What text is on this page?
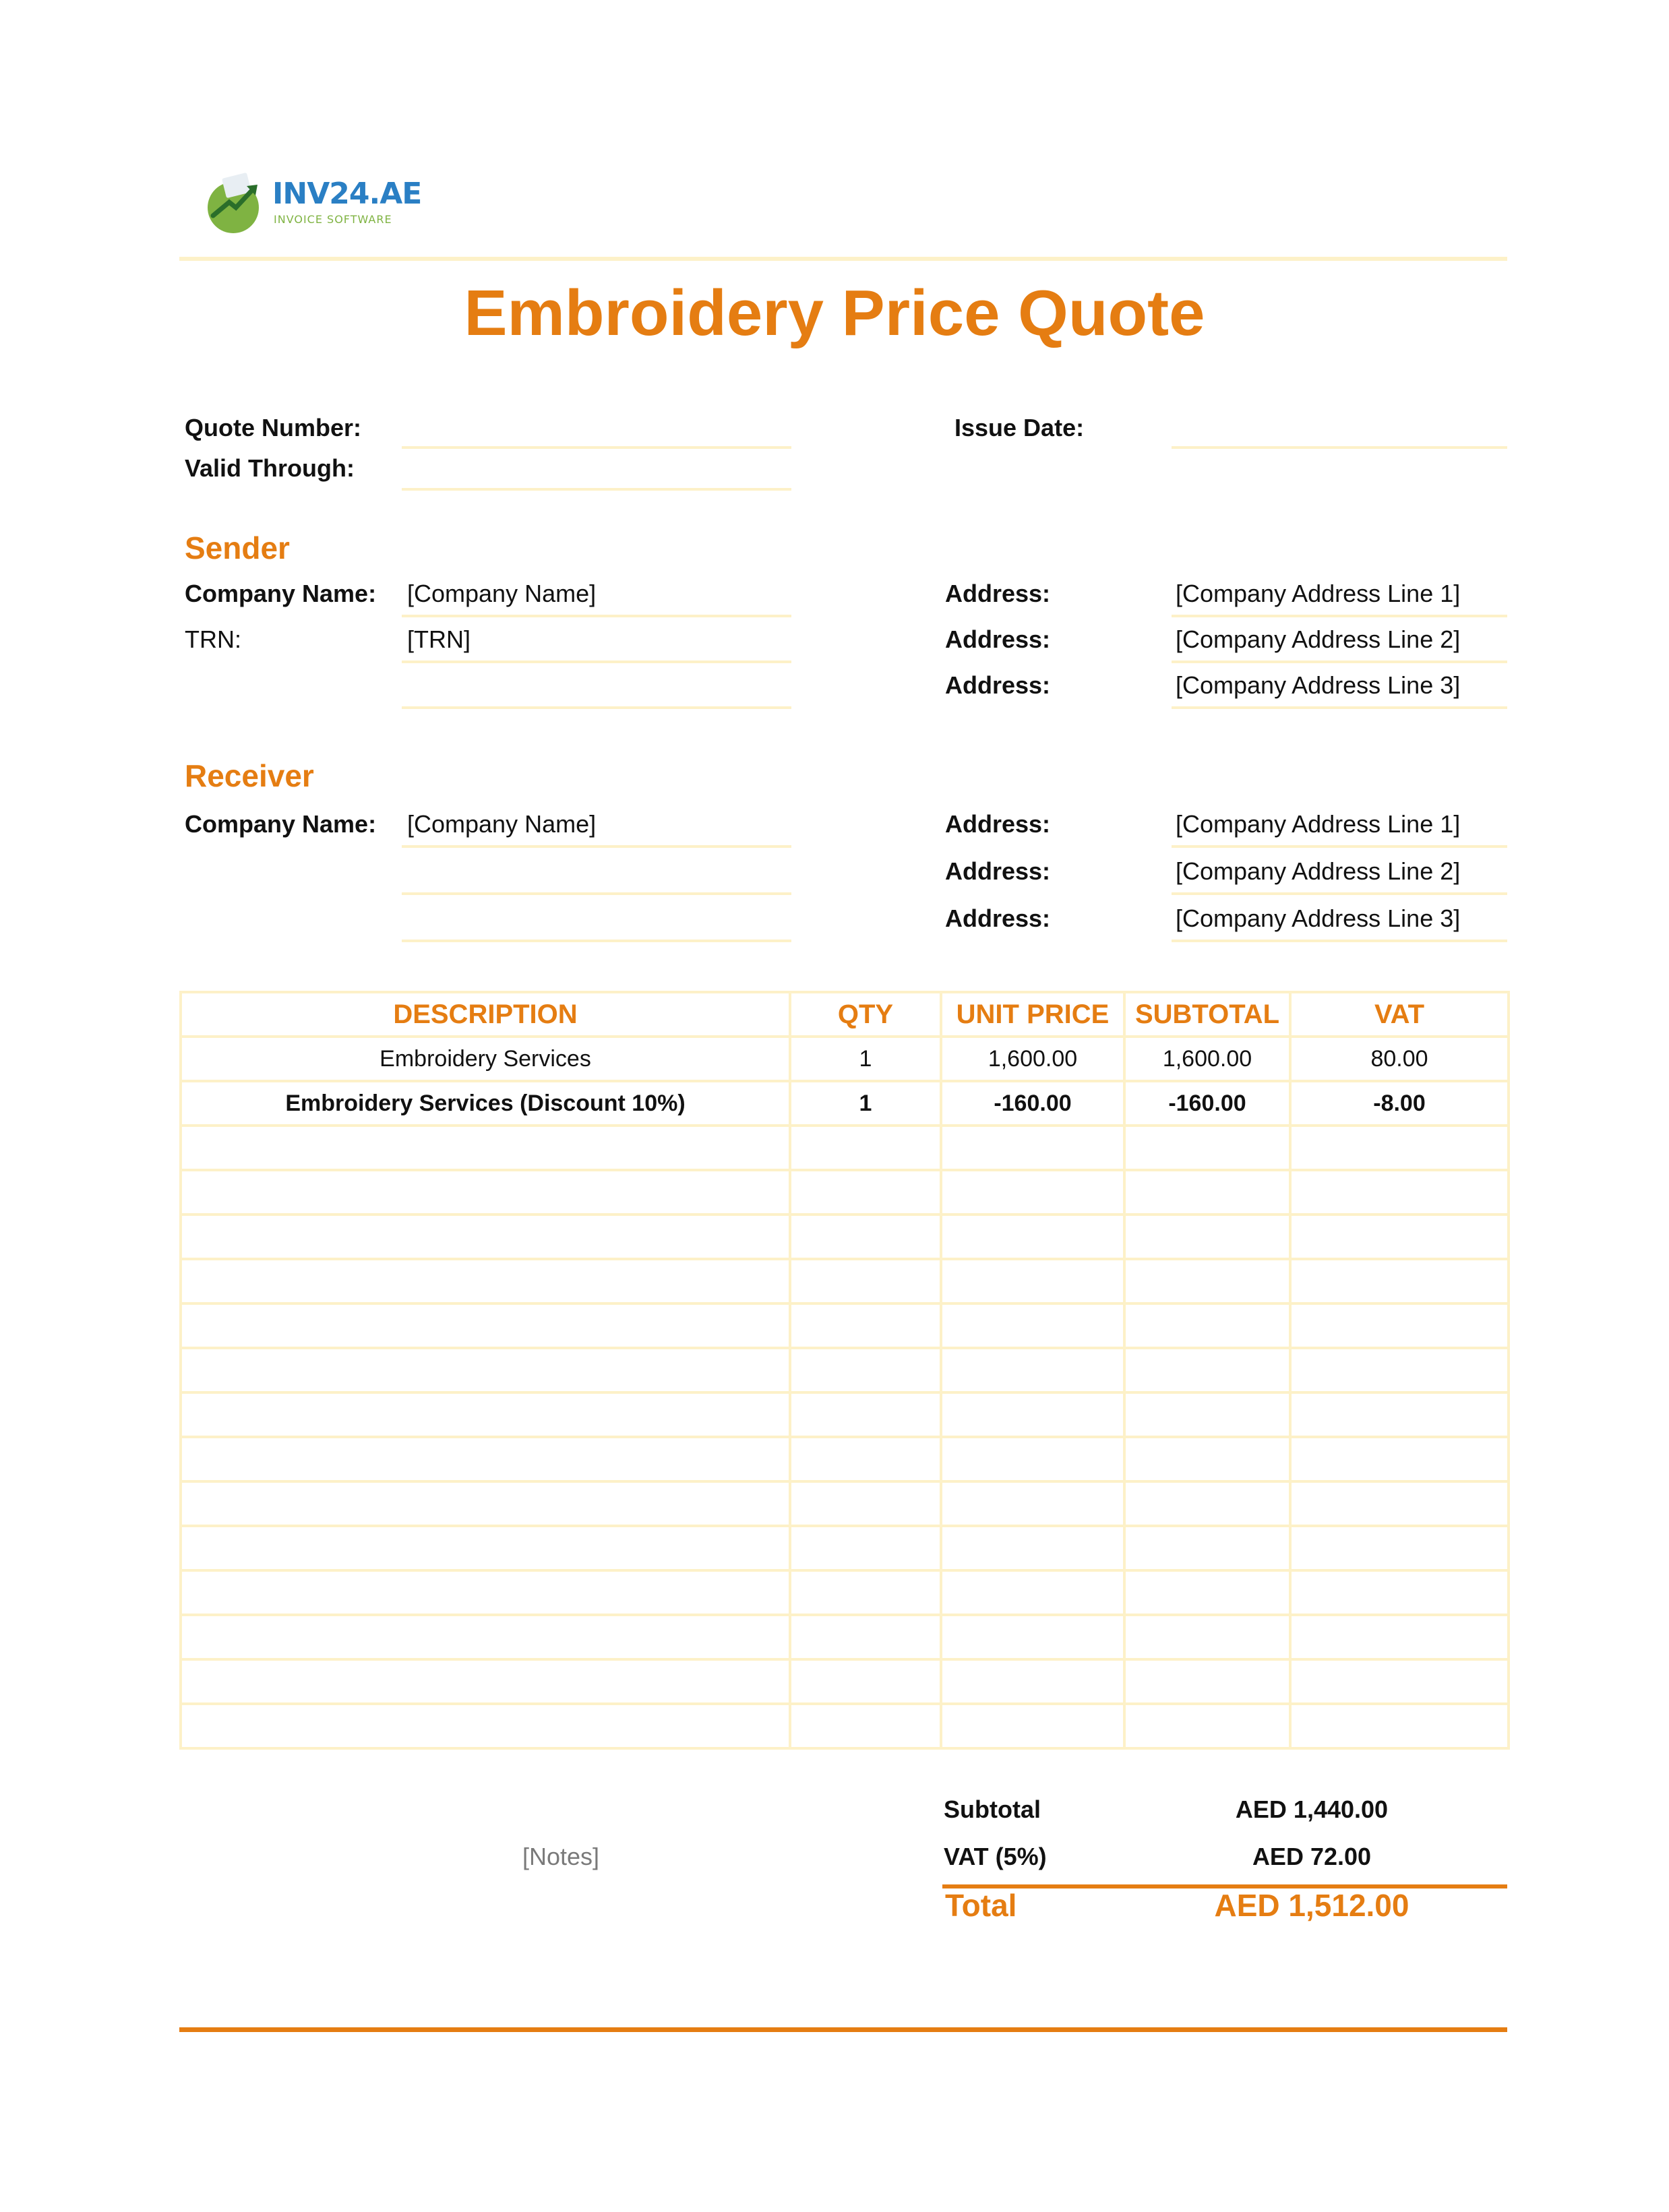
INV24.AE
INVOICE SOFTWARE
Embroidery Price Quote
Quote Number:
Valid Through:
Issue Date:
Sender
Company Name: [Company Name]
TRN:	[TRN]
Address:	[Company Address Line 1]
Address:	[Company Address Line 2]
Address:	[Company Address Line 3]
Receiver
Company Name: [Company Name]	Address:	[Company Address Line 1]
Address:	[Company Address Line 2]
Address:	[Company Address Line 3]
DESCRIPTION	QTY	UNIT PRICE	SUBTOTAL	VAT
Embroidery Services	1	1,600.00	1,600.00	80.00
Embroidery Services (Discount 10%)	1	-160.00	-160.00	-8.00

Subtotal	AED 1,440.00
[Notes]	VAT (5%)	AED 72.00
Total	AED 1,512.00
